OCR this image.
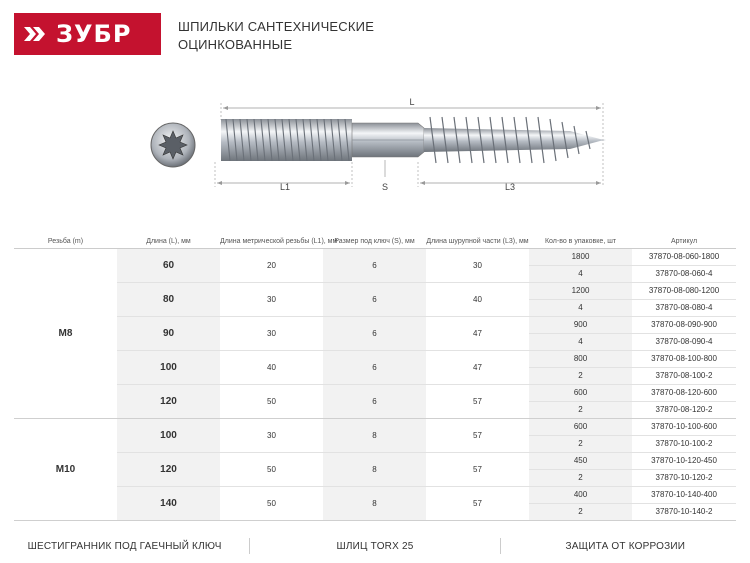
ЗУБР	ШПИЛЬКИ САНТЕХНИЧЕСКИЕ
ОЦИНКОВАННЫЕ
L
L1	S	L3
Резьба (m)	Длина (L), мм	Длина метрической резьбы (L1), мм	Размер под ключ (S), мм	Длина шурупной части (L3), мм	Кол-во в упаковке, шт	Артикул
M8	60	20	6	30	1800	37870-08-060-1800
					4	37870-08-060-4
	80	30	6	40	1200	37870-08-080-1200
					4	37870-08-080-4
	90	30	6	47	900	37870-08-090-900
					4	37870-08-090-4
	100	40	6	47	800	37870-08-100-800
					2	37870-08-100-2
	120	50	6	57	600	37870-08-120-600
					2	37870-08-120-2
M10	100	30	8	57	600	37870-10-100-600
					2	37870-10-100-2
	120	50	8	57	450	37870-10-120-450
					2	37870-10-120-2
	140	50	8	57	400	37870-10-140-400
					2	37870-10-140-2
ШЕСТИГРАННИК ПОД ГАЕЧНЫЙ КЛЮЧ	ШЛИЦ TORX 25	ЗАЩИТА ОТ КОРРОЗИИ
